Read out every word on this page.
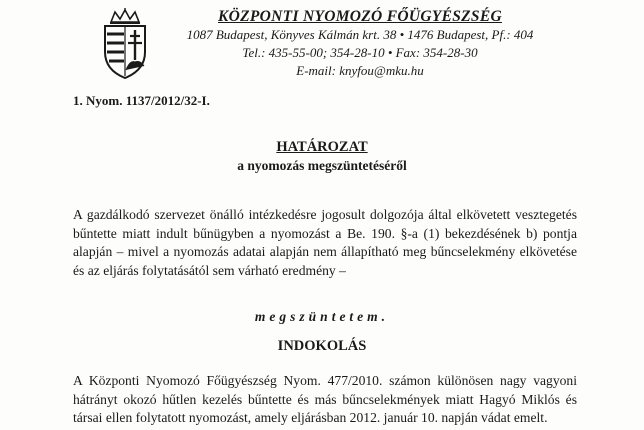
KÖZPONTI NYOMOZÓ FŐÜGYÉSZSÉG
1087 Budapest, Könyves Kálmán krt. 38 • 1476 Budapest, Pf.: 404
Tel.: 435-55-00; 354-28-10 • Fax: 354-28-30
E-mail: knyfou@mku.hu
1. Nyom. 1137/2012/32-I.
HATÁROZAT
a nyomozás megszüntetéséről
A gazdálkodó szervezet önálló intézkedésre jogosult dolgozója által elkövetett vesztegetés bűntette miatt indult bűnügyben a nyomozást a Be. 190. §-a (1) bekezdésének b) pontja alapján – mivel a nyomozás adatai alapján nem állapítható meg bűncselekmény elkövetése és az eljárás folytatásától sem várható eredmény –
megszüntetem.
INDOKOLÁS
A Központi Nyomozó Főügyészség Nyom. 477/2010. számon különösen nagy vagyoni hátrányt okozó hűtlen kezelés bűntette és más bűncselekmények miatt Hagyó Miklós és társai ellen folytatott nyomozást, amely eljárásban 2012. január 10. napján vádat emelt.
